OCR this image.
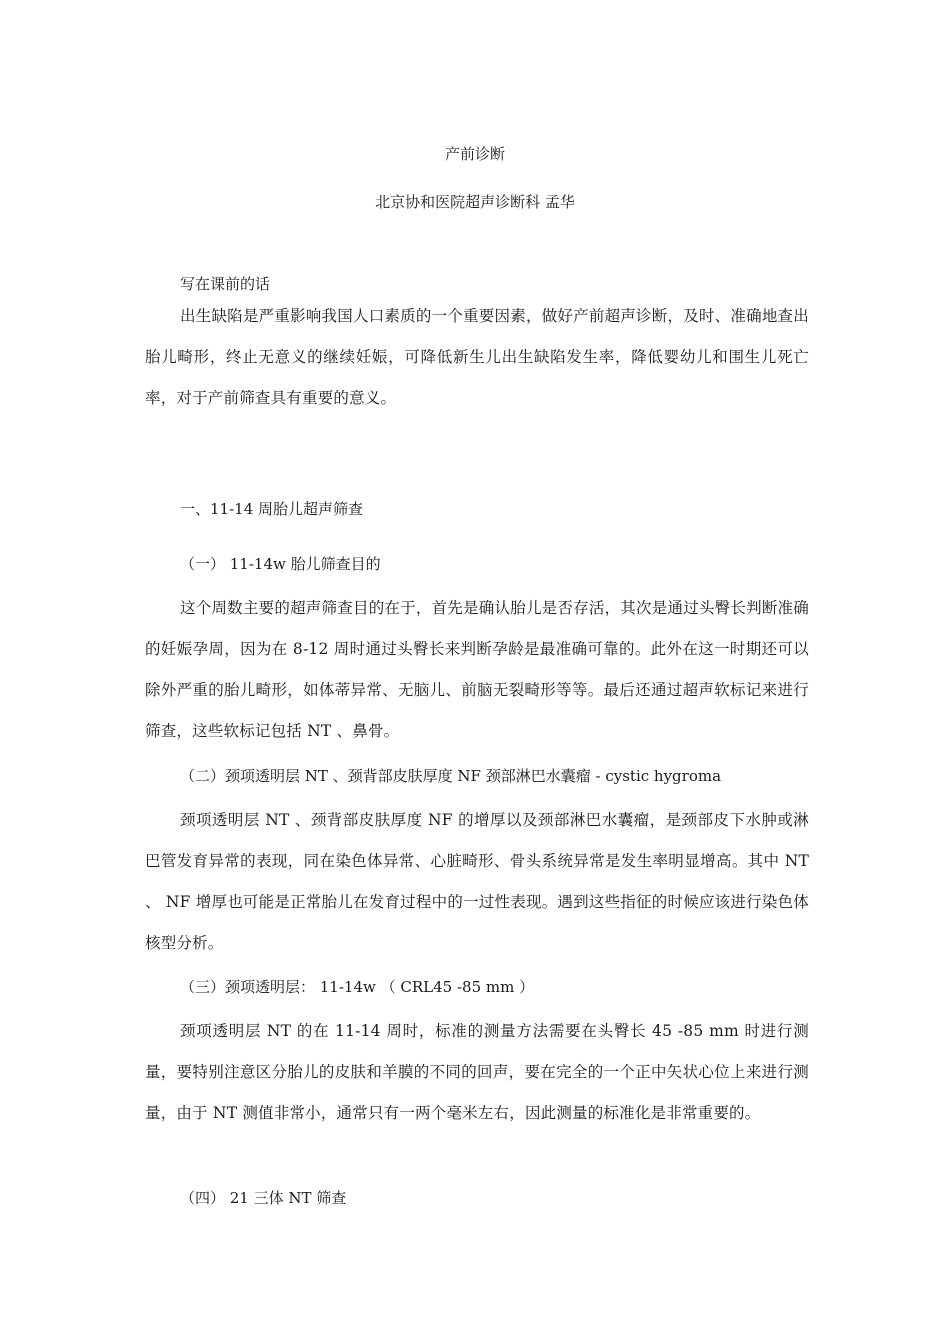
产前诊断
北京协和医院超声诊断科 孟华
写在课前的话
出生缺陷是严重影响我国人口素质的一个重要因素，做好产前超声诊断，及时、准确地查出胎儿畸形，终止无意义的继续妊娠，可降低新生儿出生缺陷发生率，降低婴幼儿和围生儿死亡率，对于产前筛查具有重要的意义。
一、11-14 周胎儿超声筛查
（一） 11-14w 胎儿筛查目的
这个周数主要的超声筛查目的在于，首先是确认胎儿是否存活，其次是通过头臀长判断准确的妊娠孕周，因为在 8-12 周时通过头臀长来判断孕龄是最准确可靠的。此外在这一时期还可以除外严重的胎儿畸形，如体蒂异常、无脑儿、前脑无裂畸形等等。最后还通过超声软标记来进行筛查，这些软标记包括 NT 、鼻骨。
（二）颈项透明层 NT 、颈背部皮肤厚度 NF 颈部淋巴水囊瘤 - cystic hygroma
颈项透明层 NT 、颈背部皮肤厚度 NF 的增厚以及颈部淋巴水囊瘤，是颈部皮下水肿或淋巴管发育异常的表现，同在染色体异常、心脏畸形、骨头系统异常是发生率明显增高。其中 NT 、 NF 增厚也可能是正常胎儿在发育过程中的一过性表现。遇到这些指征的时候应该进行染色体核型分析。
（三）颈项透明层： 11-14w （ CRL45 -85 mm ）
颈项透明层 NT 的在 11-14 周时，标准的测量方法需要在头臀长 45 -85 mm 时进行测量，要特别注意区分胎儿的皮肤和羊膜的不同的回声，要在完全的一个正中矢状心位上来进行测量，由于 NT 测值非常小，通常只有一两个毫米左右，因此测量的标准化是非常重要的。
（四） 21 三体 NT 筛查
